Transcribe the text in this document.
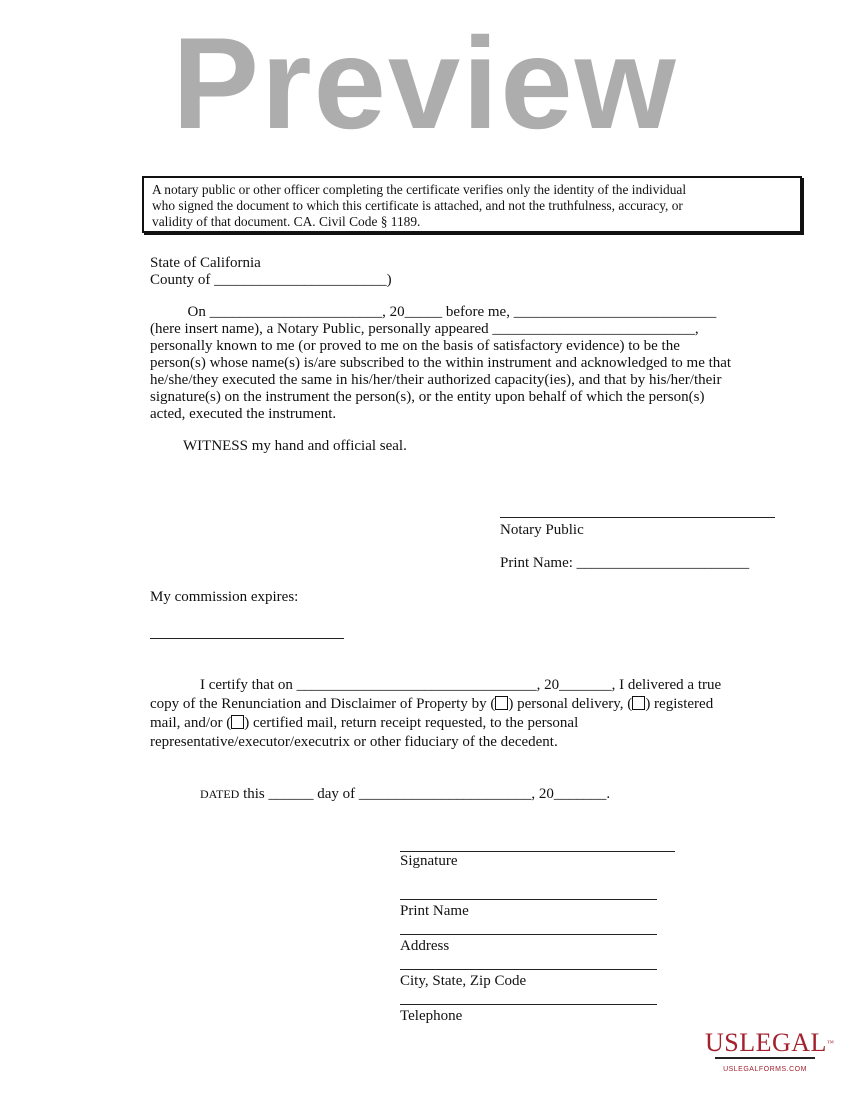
Preview
A notary public or other officer completing the certificate verifies only the identity of the individual
who signed the document to which this certificate is attached, and not the truthfulness, accuracy, or
validity of that document. CA. Civil Code § 1189.
State of California
County of _______________________)
On _______________________, 20_____ before me, ___________________________
(here insert name), a Notary Public, personally appeared ___________________________,
personally known to me (or proved to me on the basis of satisfactory evidence) to be the
person(s) whose name(s) is/are subscribed to the within instrument and acknowledged to me that
he/she/they executed the same in his/her/their authorized capacity(ies), and that by his/her/their
signature(s) on the instrument the person(s), or the entity upon behalf of which the person(s)
acted, executed the instrument.
WITNESS my hand and official seal.
Notary Public
Print Name: _______________________
My commission expires:
I certify that on ________________________________, 20_______, I delivered a true
copy of the Renunciation and Disclaimer of Property by ( ) personal delivery, ( ) registered
mail, and/or ( ) certified mail, return receipt requested, to the personal
representative/executor/executrix or other fiduciary of the decedent.
DATED this ______ day of _______________________, 20_______.
Signature
Print Name
Address
City, State, Zip Code
Telephone
USLEGAL™
USLEGALFORMS.COM
